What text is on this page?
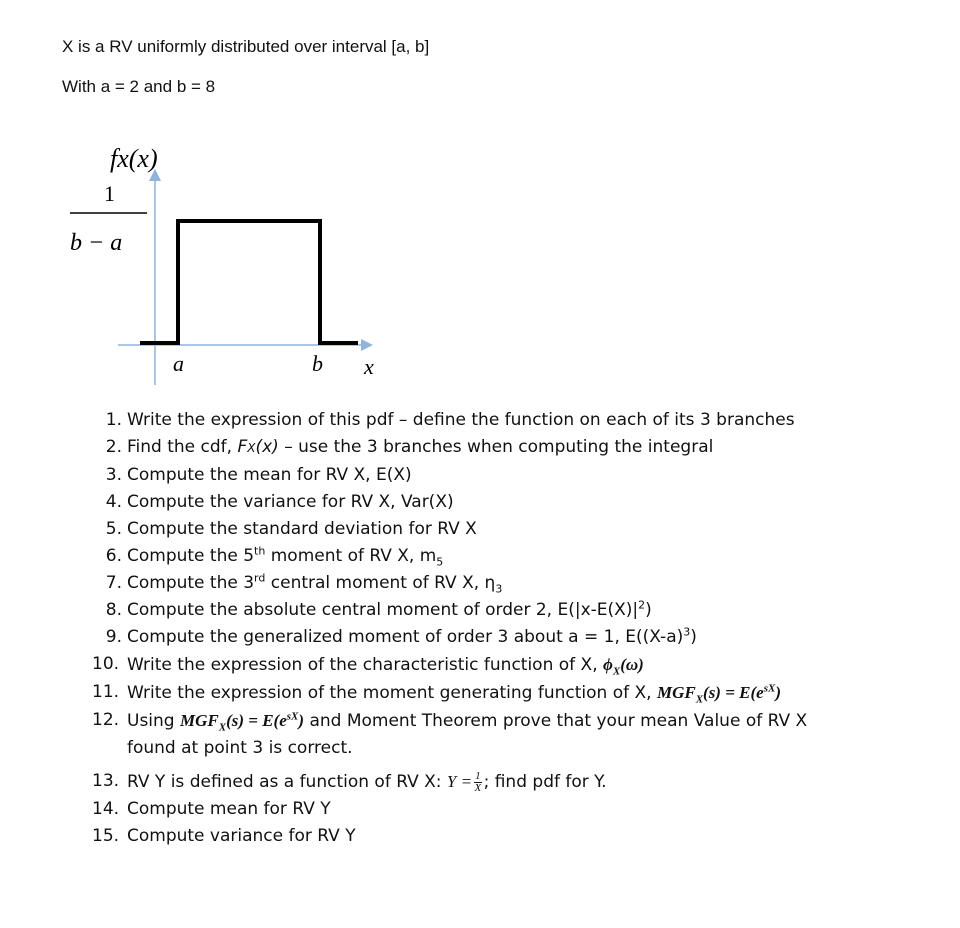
X is a RV uniformly distributed over interval [a, b]
With a = 2 and b = 8
fx(x)
1
b − a
a	b x
1. Write the expression of this pdf – define the function on each of its 3 branches
2. Find the cdf, FX(x) – use the 3 branches when computing the integral
3. Compute the mean for RV X, E(X)
4. Compute the variance for RV X, Var(X)
5. Compute the standard deviation for RV X
6. Compute the 5th moment of RV X, $m_5$
7. Compute the 3rd central moment of RV X, $\eta_3$
8. Compute the absolute central moment of order 2, $E(|x-E(X)|^2)$
9. Compute the generalized moment of order 3 about a = 1, $E((X-a)^3)$
10. Write the expression of the characteristic function of X, $\phi_X(\omega)$
11. Write the expression of the moment generating function of X, $MGF_X(s) = E(e^{sX})$
12. Using $MGF_X(s) = E(e^{sX})$ and Moment Theorem prove that your mean Value of RV X
found at point 3 is correct.
13. RV Y is defined as a function of RV X: $Y = \frac{1}{X}$ ; find pdf for Y.
14. Compute mean for RV Y
15. Compute variance for RV Y
